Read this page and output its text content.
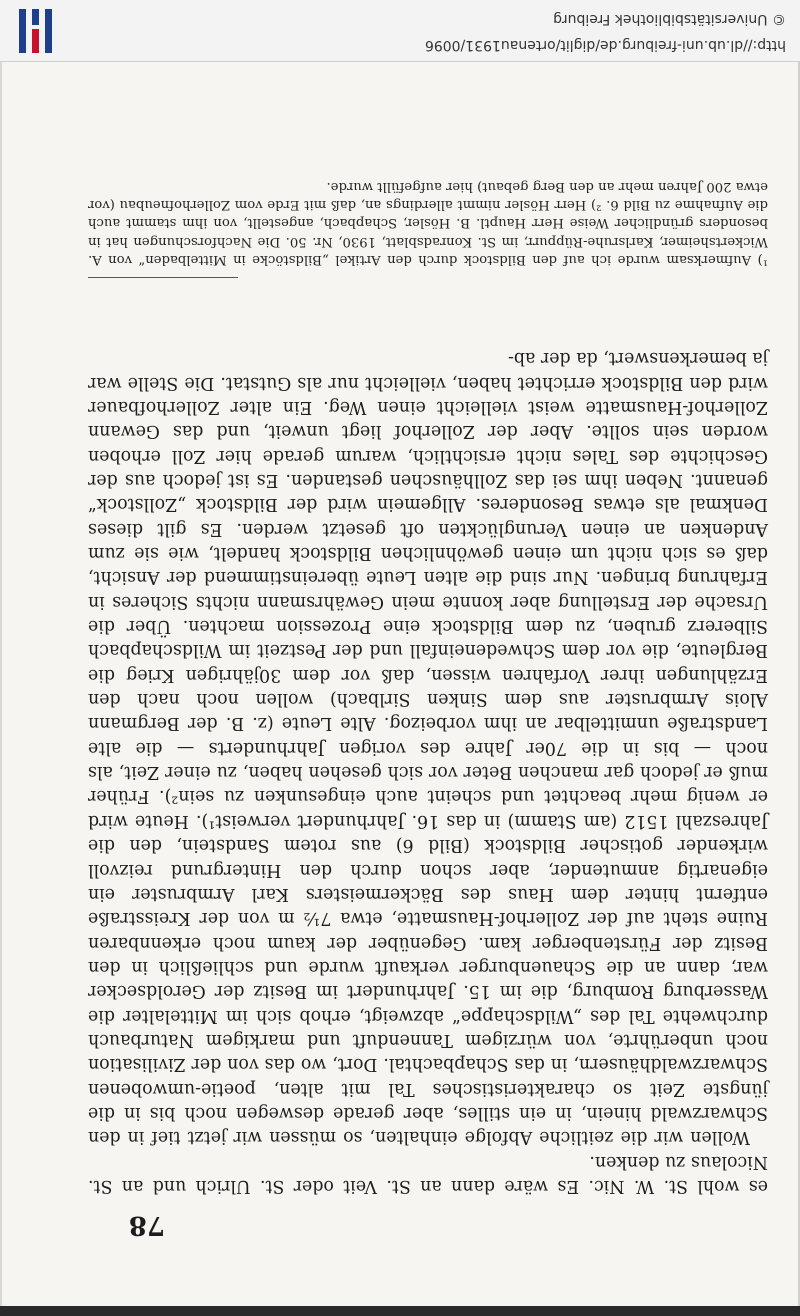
78

es wohl St. W. Nic. Es wäre dann an St. Veit oder St. Ulrich und an St. Nicolaus zu denken.

Wollen wir die zeitliche Abfolge einhalten, so müssen wir jetzt tief in den Schwarzwald hinein, in ein stilles, aber gerade deswegen noch bis in die jüngste Zeit so charakteristisches Tal mit alten, poetie-umwobenen Schwarzwaldhäusern, in das Schapbachtal. Dort, wo das von der Zivilisation noch unberührte, von würzigem Tannenduft und markigem Naturbauch durchwehte Tal des „Wildschappe“ abzweigt, erhob sich im Mittelalter die Wasserburg Romburg, die im 15. Jahrhundert im Besitz der Geroldsecker war, dann an die Schauenburger verkauft wurde und schließlich in den Besitz der Fürstenberger kam. Gegenüber der kaum noch erkennbaren Ruine steht auf der Zollerhof-Hausmatte, etwa 7½ m von der Kreisstraße entfernt hinter dem Haus des Bäckermeisters Karl Armbruster ein eigenartig anmutender, aber schon durch den Hintergrund reizvoll wirkender gotischer Bildstock (Bild 6) aus rotem Sandstein, den die Jahreszahl 1512 (am Stamm) in das 16. Jahrhundert verweist¹). Heute wird er wenig mehr beachtet und scheint auch eingesunken zu sein²). Früher muß er jedoch gar manchen Beter vor sich gesehen haben, zu einer Zeit, als noch — bis in die 70er Jahre des vorigen Jahrhunderts — die alte Landstraße unmittelbar an ihm vorbeizog. Alte Leute (z. B. der Bergmann Alois Armbruster aus dem Sinken Sirlbach) wollen noch nach den Erzählungen ihrer Vorfahren wissen, daß vor dem 30jährigen Krieg die Bergleute, die vor dem Schwedeneinfall und der Pestzeit im Wildschapbach Silbererz gruben, zu dem Bildstock eine Prozession machten. Über die Ursache der Erstellung aber konnte mein Gewährsmann nichts Sicheres in Erfahrung bringen. Nur sind die alten Leute übereinstimmend der Ansicht, daß es sich nicht um einen gewöhnlichen Bildstock handelt, wie sie zum Andenken an einen Verunglückten oft gesetzt werden. Es gilt dieses Denkmal als etwas Besonderes. Allgemein wird der Bildstock „Zollstock“ genannt. Neben ihm sei das Zollhäuschen gestanden. Es ist jedoch aus der Geschichte des Tales nicht ersichtlich, warum gerade hier Zoll erhoben worden sein sollte. Aber der Zollerhof liegt unweit, und das Gewann Zollerhof-Hausmatte weist vielleicht einen Weg. Ein alter Zollerhofbauer wird den Bildstock errichtet haben, vielleicht nur als Gutstat. Die Stelle war ja bemerkenswert, da der ab-

¹) Aufmerksam wurde ich auf den Bildstock durch den Artikel „Bildstöcke in Mittelbaden“ von A. Wickertsheimer, Karlsruhe-Rüppurr, im St. Konradsblatt, 1930, Nr. 50. Die Nachforschungen hat in besonders gründlicher Weise Herr Hauptl. B. Hösler, Schapbach, angestellt, von ihm stammt auch die Aufnahme zu Bild 6. ²) Herr Hösler nimmt allerdings an, daß mit Erde vom Zollerhofneubau (vor etwa 200 Jahren mehr an den Berg gebaut) hier aufgefüllt wurde.

http://dl.ub.uni-freiburg.de/diglit/ortenau1931/0096
© Universitätsbibliothek Freiburg
